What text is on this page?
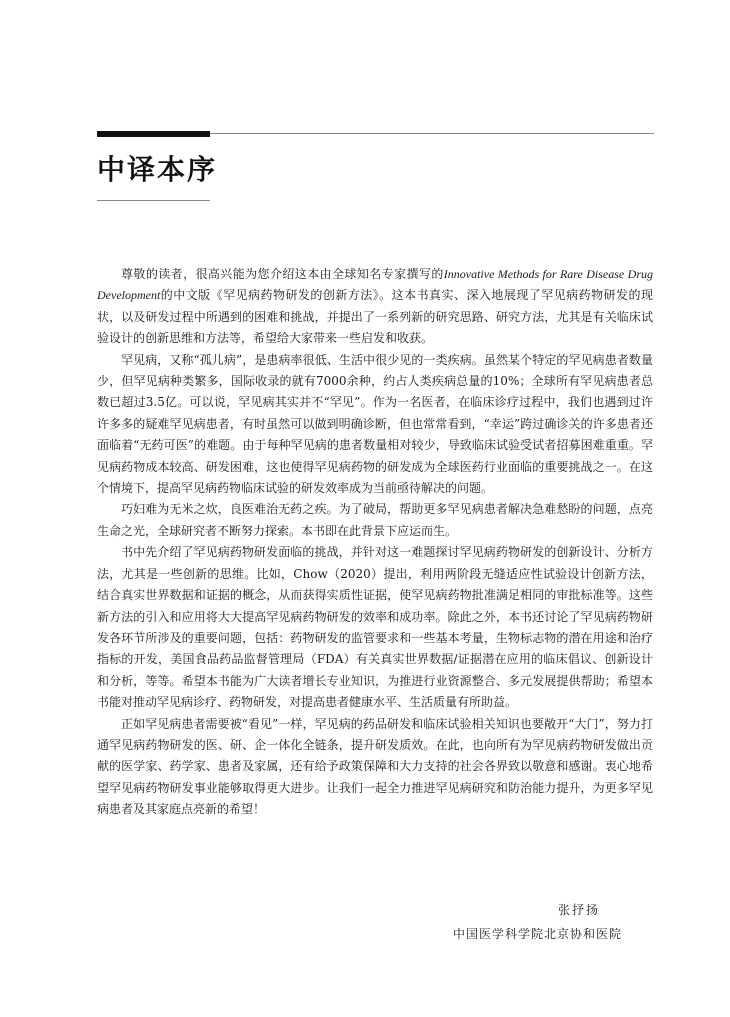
中译本序

尊敬的读者，很高兴能为您介绍这本由全球知名专家撰写的Innovative Methods for Rare Disease Drug Development的中文版《罕见病药物研发的创新方法》。这本书真实、深入地展现了罕见病药物研发的现状，以及研发过程中所遇到的困难和挑战，并提出了一系列新的研究思路、研究方法，尤其是有关临床试验设计的创新思维和方法等，希望给大家带来一些启发和收获。

罕见病，又称“孤儿病”，是患病率很低、生活中很少见的一类疾病。虽然某个特定的罕见病患者数量少，但罕见病种类繁多，国际收录的就有7000余种，约占人类疾病总量的10%；全球所有罕见病患者总数已超过3.5亿。可以说，罕见病其实并不“罕见”。作为一名医者，在临床诊疗过程中，我们也遇到过许许多多的疑难罕见病患者，有时虽然可以做到明确诊断，但也常常看到，“幸运”跨过确诊关的许多患者还面临着“无药可医”的难题。由于每种罕见病的患者数量相对较少，导致临床试验受试者招募困难重重。罕见病药物成本较高、研发困难，这也使得罕见病药物的研发成为全球医药行业面临的重要挑战之一。在这个情境下，提高罕见病药物临床试验的研发效率成为当前亟待解决的问题。

巧妇难为无米之炊，良医难治无药之疾。为了破局，帮助更多罕见病患者解决急难愁盼的问题，点亮生命之光，全球研究者不断努力探索。本书即在此背景下应运而生。

书中先介绍了罕见病药物研发面临的挑战，并针对这一难题探讨罕见病药物研发的创新设计、分析方法，尤其是一些创新的思维。比如，Chow（2020）提出，利用两阶段无缝适应性试验设计创新方法，结合真实世界数据和证据的概念，从而获得实质性证据，使罕见病药物批准满足相同的审批标准等。这些新方法的引入和应用将大大提高罕见病药物研发的效率和成功率。除此之外，本书还讨论了罕见病药物研发各环节所涉及的重要问题，包括：药物研发的监管要求和一些基本考量，生物标志物的潜在用途和治疗指标的开发，美国食品药品监督管理局（FDA）有关真实世界数据/证据潜在应用的临床倡议、创新设计和分析，等等。希望本书能为广大读者增长专业知识，为推进行业资源整合、多元发展提供帮助；希望本书能对推动罕见病诊疗、药物研发，对提高患者健康水平、生活质量有所助益。

正如罕见病患者需要被“看见”一样，罕见病的药品研发和临床试验相关知识也要敞开“大门”，努力打通罕见病药物研发的医、研、企一体化全链条，提升研发质效。在此，也向所有为罕见病药物研发做出贡献的医学家、药学家、患者及家属，还有给予政策保障和大力支持的社会各界致以敬意和感谢。衷心地希望罕见病药物研发事业能够取得更大进步。让我们一起全力推进罕见病研究和防治能力提升，为更多罕见病患者及其家庭点亮新的希望！

张抒扬
中国医学科学院北京协和医院
